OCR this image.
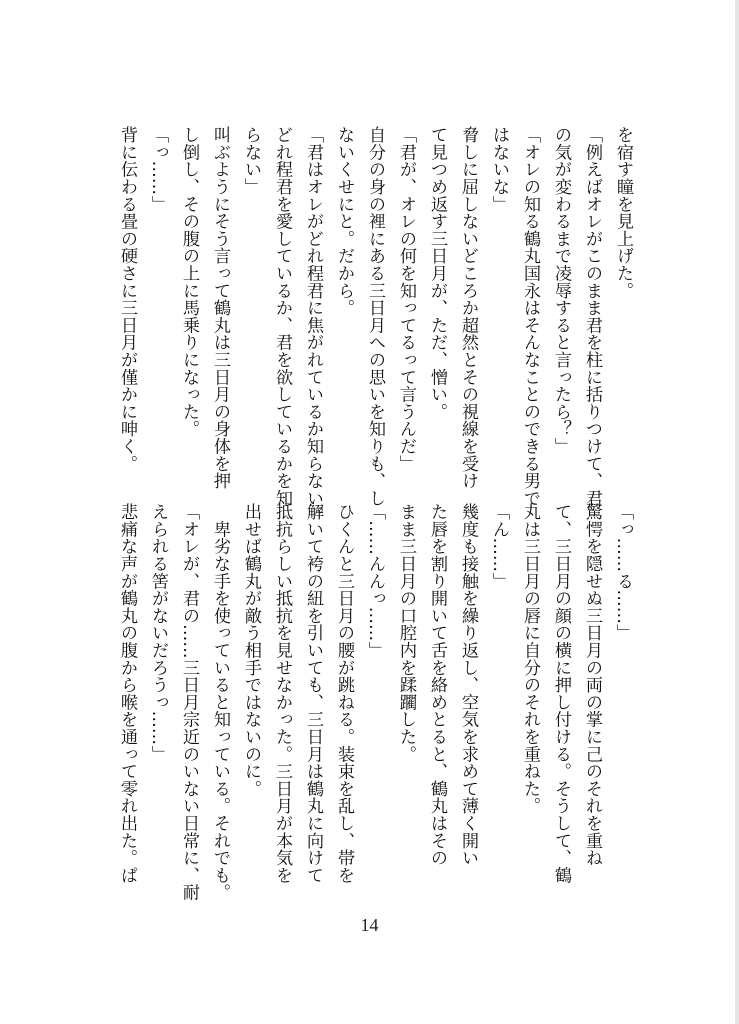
を宿す瞳を見上げた。
「例えばオレがこのまま君を柱に括りつけて、君
の気が変わるまで凌辱すると言ったら？」
「オレの知る鶴丸国永はそんなことのできる男で
はないな」
脅しに屈しないどころか超然とその視線を受け
て見つめ返す三日月が、ただ、憎い。
「君が、オレの何を知ってるって言うんだ」
自分の身の裡にある三日月への思いを知りも、し
ないくせにと。だから。
「君はオレがどれ程君に焦がれているか知らない。
どれ程君を愛しているか、君を欲しているかを知
らない」
叫ぶようにそう言って鶴丸は三日月の身体を押
し倒し、その腹の上に馬乗りになった。
「っ……」
背に伝わる畳の硬さに三日月が僅かに呻く。
「っ……る……」
驚愕を隠せぬ三日月の両の掌に己のそれを重ね
て、三日月の顔の横に押し付ける。そうして、鶴
丸は三日月の唇に自分のそれを重ねた。
「ん……」
幾度も接触を繰り返し、空気を求めて薄く開い
た唇を割り開いて舌を絡めとると、鶴丸はその
まま三日月の口腔内を蹂躙した。
「……んんっ……」
ひくんと三日月の腰が跳ねる。装束を乱し、帯を
解いて袴の紐を引いても、三日月は鶴丸に向けて
抵抗らしい抵抗を見せなかった。三日月が本気を
出せば鶴丸が敵う相手ではないのに。
　卑劣な手を使っていると知っている。それでも。
「オレが、君の……三日月宗近のいない日常に、耐
えられる筈がないだろうっ……」
悲痛な声が鶴丸の腹から喉を通って零れ出た。ぱ
14
